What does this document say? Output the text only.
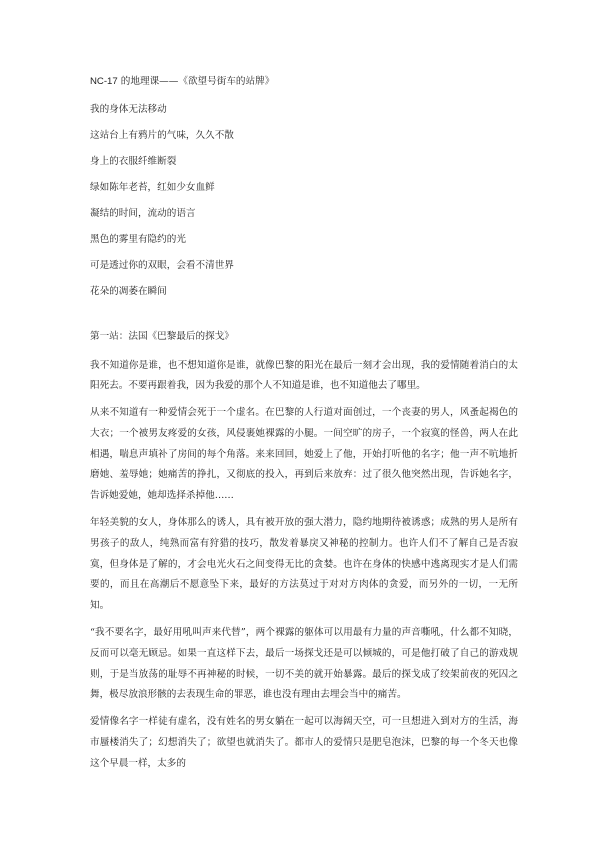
NC-17 的地理课——《欲望号街车的站牌》

我的身体无法移动

这站台上有鸦片的气味，久久不散

身上的衣服纤维断裂

绿如陈年老苔，红如少女血鲜

凝结的时间，流动的语言

黑色的雾里有隐约的光

可是透过你的双眼，会看不清世界

花朵的凋萎在瞬间

第一站：法国《巴黎最后的探戈》

我不知道你是谁，也不想知道你是谁，就像巴黎的阳光在最后一刻才会出现，我的爱情随着消白的太阳死去。不要再跟着我，因为我爱的那个人不知道是谁，也不知道他去了哪里。

从来不知道有一种爱情会死于一个虚名。在巴黎的人行道对面创过，一个丧妻的男人，风蚤起褐色的大衣；一个被男友疼爱的女孩，风侵裹她裸露的小腿。一间空旷的房子，一个寂寞的怪兽，两人在此相遇，喘息声填补了房间的每个角落。来来回回，她爱上了他，开始打听他的名字；他一声不吭地折磨她、羞辱她；她痛苦的挣扎，又彻底的投入，再到后来放弃：过了很久他突然出现，告诉她名字，告诉她爱她，她却选择杀掉他……

年轻美貌的女人，身体那么的诱人，具有被开放的强大潜力，隐约地期待被诱惑；成熟的男人是所有男孩子的敌人，纯熟而富有狩猎的技巧，散发着暴戾又神秘的控制力。也许人们不了解自己是否寂寞，但身体是了解的，才会电光火石之间变得无比的贪婪。也许在身体的快感中逃离现实才是人们需要的，而且在高潮后不愿意坠下来，最好的方法莫过于对对方肉体的贪爱，而另外的一切，一无所知。

“我不要名字，最好用吼叫声来代替”，两个裸露的躯体可以用最有力量的声音嘶吼，什么都不知晓，反而可以毫无顾忌。如果一直这样下去，最后一场探戈还是可以倾城的，可是他打破了自己的游戏规则，于是当放荡的耻辱不再神秘的时候，一切不美的就开始暴露。最后的探戈成了绞架前夜的死囚之舞，极尽放浪形骸的去表现生命的罪恶，谁也没有理由去埋会当中的痛苦。

爱情像名字一样徒有虚名，没有姓名的男女躺在一起可以海阔天空，可一旦想进入到对方的生活，海市蜃楼消失了；幻想消失了；欲望也就消失了。都市人的爱情只是肥皂泡沫，巴黎的每一个冬天也像这个早晨一样，太多的
